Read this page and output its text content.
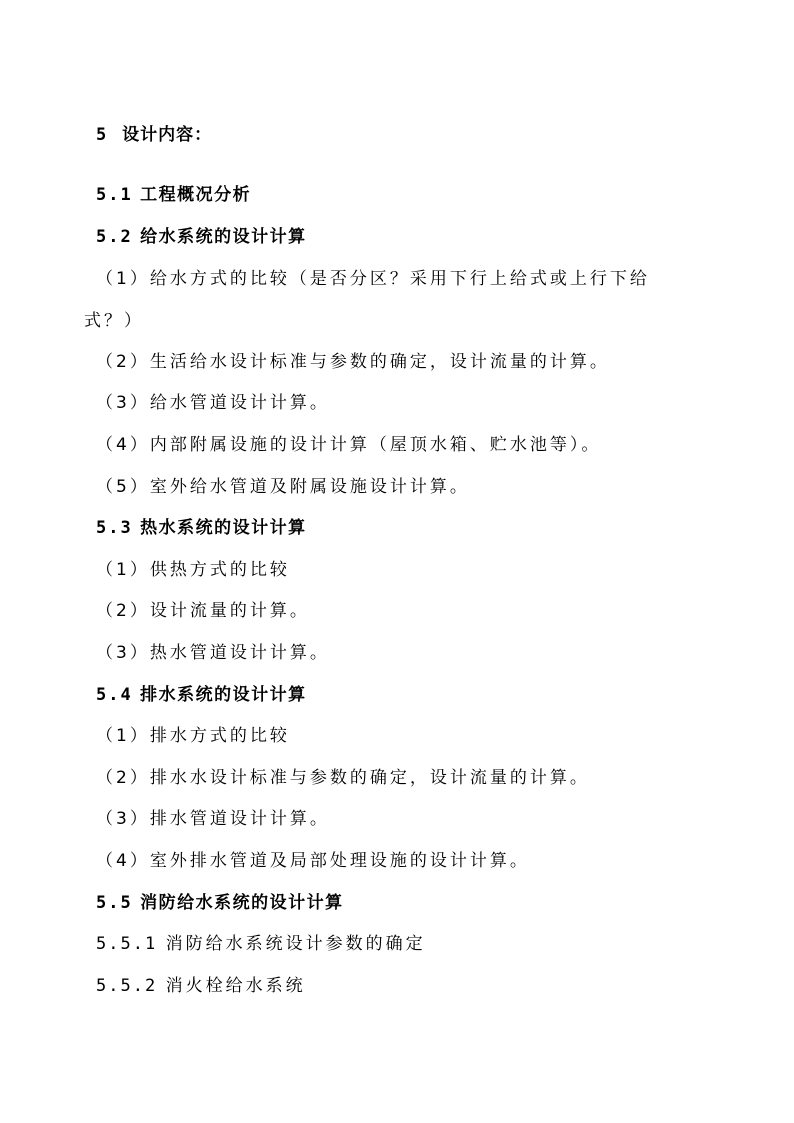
5 设计内容：
5.1 工程概况分析
5.2 给水系统的设计计算
（1）给水方式的比较（是否分区？采用下行上给式或上行下给
式？）
（2）生活给水设计标准与参数的确定，设计流量的计算。
（3）给水管道设计计算。
（4）内部附属设施的设计计算（屋顶水箱、贮水池等）。
（5）室外给水管道及附属设施设计计算。
5.3 热水系统的设计计算
（1）供热方式的比较
（2）设计流量的计算。
（3）热水管道设计计算。
5.4 排水系统的设计计算
（1）排水方式的比较
（2）排水水设计标准与参数的确定，设计流量的计算。
（3）排水管道设计计算。
（4）室外排水管道及局部处理设施的设计计算。
5.5 消防给水系统的设计计算
5.5.1 消防给水系统设计参数的确定
5.5.2 消火栓给水系统
